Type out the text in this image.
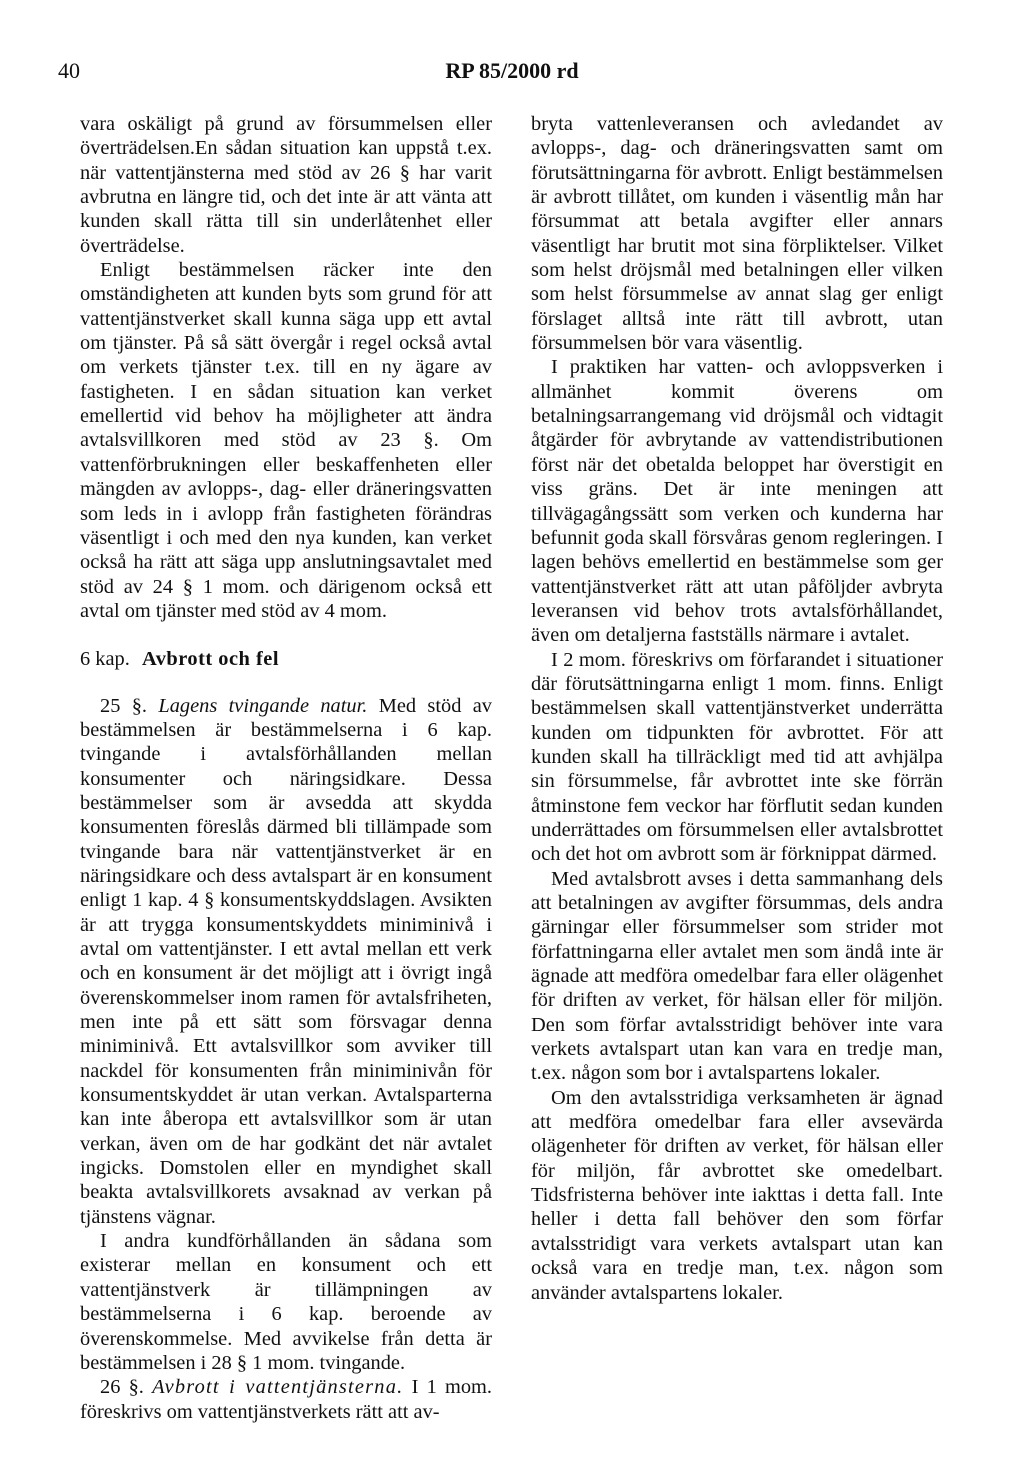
40	RP 85/2000 rd

vara oskäligt på grund av försummelsen eller överträdelsen.En sådan situation kan uppstå t.ex. när vattentjänsterna med stöd av 26 § har varit avbrutna en längre tid, och det inte är att vänta att kunden skall rätta till sin underlåtenhet eller överträdelse.

Enligt bestämmelsen räcker inte den omständigheten att kunden byts som grund för att vattentjänstverket skall kunna säga upp ett avtal om tjänster. På så sätt övergår i regel också avtal om verkets tjänster t.ex. till en ny ägare av fastigheten. I en sådan situation kan verket emellertid vid behov ha möjligheter att ändra avtalsvillkoren med stöd av 23 §. Om vattenförbrukningen eller beskaffenheten eller mängden av avlopps-, dag- eller dräneringsvatten som leds in i avlopp från fastigheten förändras väsentligt i och med den nya kunden, kan verket också ha rätt att säga upp anslutningsavtalet med stöd av 24 § 1 mom. och därigenom också ett avtal om tjänster med stöd av 4 mom.

6 kap. Avbrott och fel

25 §. Lagens tvingande natur. Med stöd av bestämmelsen är bestämmelserna i 6 kap. tvingande i avtalsförhållanden mellan konsumenter och näringsidkare. Dessa bestämmelser som är avsedda att skydda konsumenten föreslås därmed bli tillämpade som tvingande bara när vattentjänstverket är en näringsidkare och dess avtalspart är en konsument enligt 1 kap. 4 § konsumentskyddslagen. Avsikten är att trygga konsumentskyddets miniminivå i avtal om vattentjänster. I ett avtal mellan ett verk och en konsument är det möjligt att i övrigt ingå överenskommelser inom ramen för avtalsfriheten, men inte på ett sätt som försvagar denna miniminivå. Ett avtalsvillkor som avviker till nackdel för konsumenten från miniminivån för konsumentskyddet är utan verkan. Avtalsparterna kan inte åberopa ett avtalsvillkor som är utan verkan, även om de har godkänt det när avtalet ingicks. Domstolen eller en myndighet skall beakta avtalsvillkorets avsaknad av verkan på tjänstens vägnar.

I andra kundförhållanden än sådana som existerar mellan en konsument och ett vattentjänstverk är tillämpningen av bestämmelserna i 6 kap. beroende av överenskommelse. Med avvikelse från detta är bestämmelsen i 28 § 1 mom. tvingande.

26 §. Avbrott i vattentjänsterna. I 1 mom. föreskrivs om vattentjänstverkets rätt att av-

bryta vattenleveransen och avledandet av avlopps-, dag- och dräneringsvatten samt om förutsättningarna för avbrott. Enligt bestämmelsen är avbrott tillåtet, om kunden i väsentlig mån har försummat att betala avgifter eller annars väsentligt har brutit mot sina förpliktelser. Vilket som helst dröjsmål med betalningen eller vilken som helst försummelse av annat slag ger enligt förslaget alltså inte rätt till avbrott, utan försummelsen bör vara väsentlig.

I praktiken har vatten- och avloppsverken i allmänhet kommit överens om betalningsarrangemang vid dröjsmål och vidtagit åtgärder för avbrytande av vattendistributionen först när det obetalda beloppet har överstigit en viss gräns. Det är inte meningen att tillvägagångssätt som verken och kunderna har befunnit goda skall försvåras genom regleringen. I lagen behövs emellertid en bestämmelse som ger vattentjänstverket rätt att utan påföljder avbryta leveransen vid behov trots avtalsförhållandet, även om detaljerna fastställs närmare i avtalet.

I 2 mom. föreskrivs om förfarandet i situationer där förutsättningarna enligt 1 mom. finns. Enligt bestämmelsen skall vattentjänstverket underrätta kunden om tidpunkten för avbrottet. För att kunden skall ha tillräckligt med tid att avhjälpa sin försummelse, får avbrottet inte ske förrän åtminstone fem veckor har förflutit sedan kunden underrättades om försummelsen eller avtalsbrottet och det hot om avbrott som är förknippat därmed.

Med avtalsbrott avses i detta sammanhang dels att betalningen av avgifter försummas, dels andra gärningar eller försummelser som strider mot författningarna eller avtalet men som ändå inte är ägnade att medföra omedelbar fara eller olägenhet för driften av verket, för hälsan eller för miljön. Den som förfar avtalsstridigt behöver inte vara verkets avtalspart utan kan vara en tredje man, t.ex. någon som bor i avtalspartens lokaler.

Om den avtalsstridiga verksamheten är ägnad att medföra omedelbar fara eller avsevärda olägenheter för driften av verket, för hälsan eller för miljön, får avbrottet ske omedelbart. Tidsfristerna behöver inte iakttas i detta fall. Inte heller i detta fall behöver den som förfar avtalsstridigt vara verkets avtalspart utan kan också vara en tredje man, t.ex. någon som använder avtalspartens lokaler.
